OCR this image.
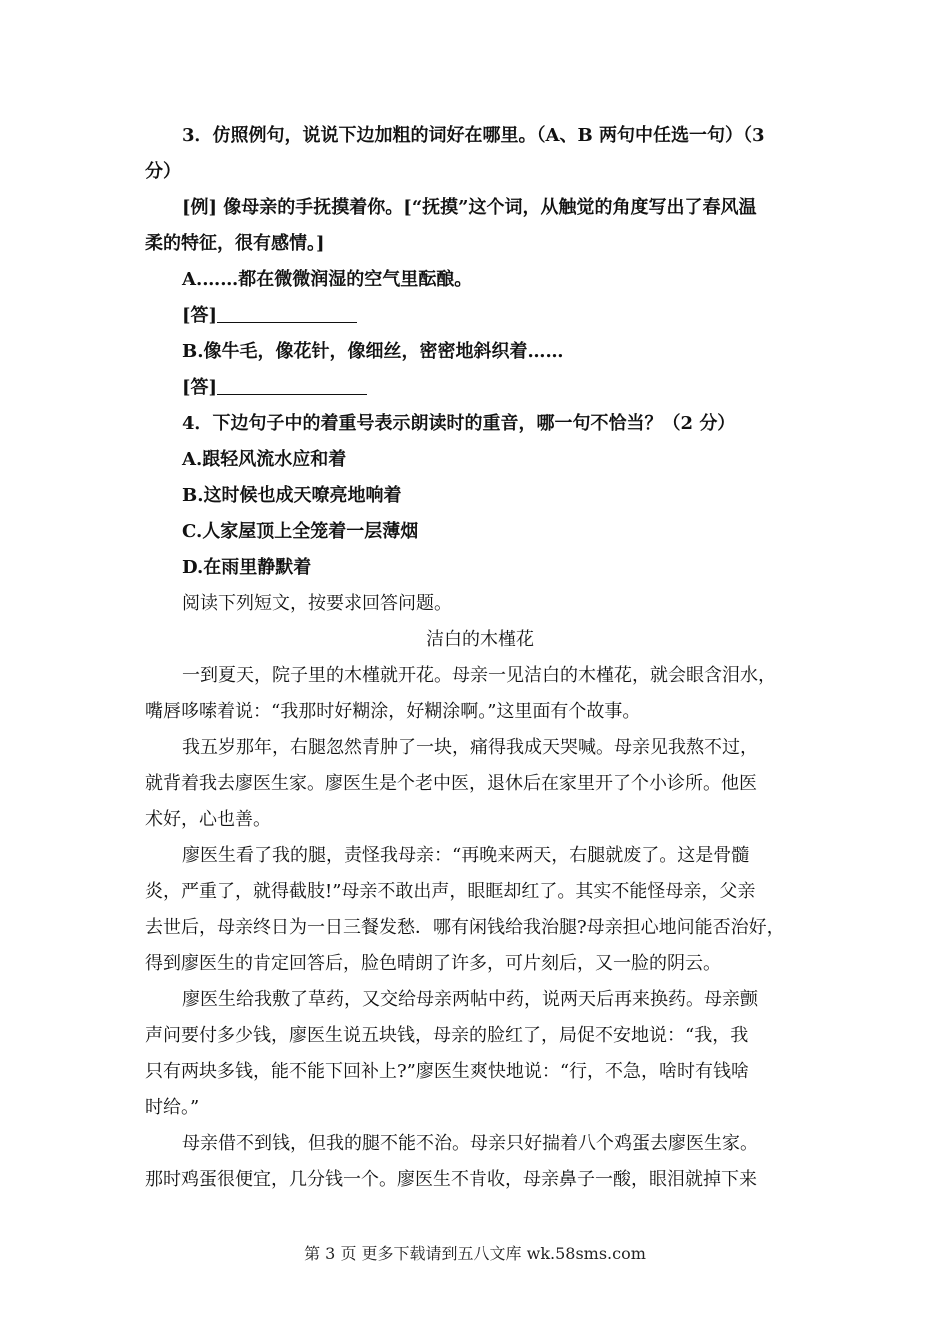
3．仿照例句，说说下边加粗的词好在哪里。（A、B 两句中任选一句）（3
分）
[例] 像母亲的手抚摸着你。[“抚摸”这个词，从触觉的角度写出了春风温
柔的特征，很有感情。]
A.……都在微微润湿的空气里酝酿。
[答]
B.像牛毛，像花针，像细丝，密密地斜织着……
[答]
4．下边句子中的着重号表示朗读时的重音，哪一句不恰当？（2 分）
A.跟轻风流水应和着
B.这时候也成天嘹亮地响着
C.人家屋顶上全笼着一层薄烟
D.在雨里静默着
阅读下列短文，按要求回答问题。
洁白的木槿花
一到夏天，院子里的木槿就开花。母亲一见洁白的木槿花，就会眼含泪水，
嘴唇哆嗦着说：“我那时好糊涂，好糊涂啊。”这里面有个故事。
我五岁那年，右腿忽然青肿了一块，痛得我成天哭喊。母亲见我熬不过，
就背着我去廖医生家。廖医生是个老中医，退休后在家里开了个小诊所。他医
术好，心也善。
廖医生看了我的腿，责怪我母亲：“再晚来两天，右腿就废了。这是骨髓
炎，严重了，就得截肢!”母亲不敢出声，眼眶却红了。其实不能怪母亲，父亲
去世后，母亲终日为一日三餐发愁．哪有闲钱给我治腿?母亲担心地问能否治好，
得到廖医生的肯定回答后，脸色晴朗了许多，可片刻后，又一脸的阴云。
廖医生给我敷了草药，又交给母亲两帖中药，说两天后再来换药。母亲颤
声问要付多少钱，廖医生说五块钱，母亲的脸红了，局促不安地说：“我，我
只有两块多钱，能不能下回补上?”廖医生爽快地说：“行，不急，啥时有钱啥
时给。”
母亲借不到钱，但我的腿不能不治。母亲只好揣着八个鸡蛋去廖医生家。
那时鸡蛋很便宜，几分钱一个。廖医生不肯收，母亲鼻子一酸，眼泪就掉下来
第 3 页 更多下载请到五八文库 wk.58sms.com
